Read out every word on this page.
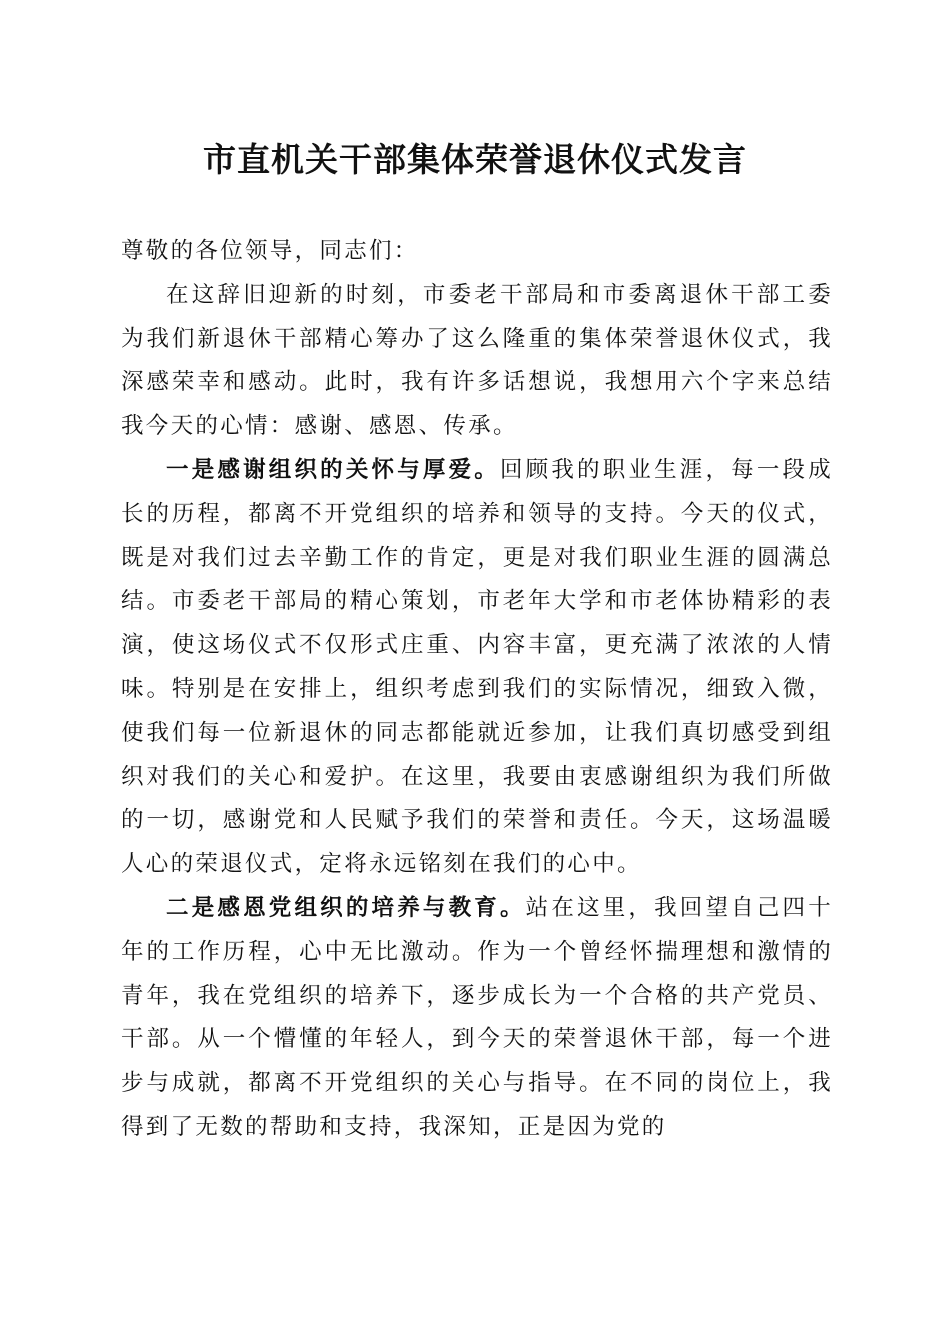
市直机关干部集体荣誉退休仪式发言

尊敬的各位领导，同志们：

在这辞旧迎新的时刻，市委老干部局和市委离退休干部工委为我们新退休干部精心筹办了这么隆重的集体荣誉退休仪式，我深感荣幸和感动。此时，我有许多话想说，我想用六个字来总结我今天的心情：感谢、感恩、传承。

一是感谢组织的关怀与厚爱。回顾我的职业生涯，每一段成长的历程，都离不开党组织的培养和领导的支持。今天的仪式，既是对我们过去辛勤工作的肯定，更是对我们职业生涯的圆满总结。市委老干部局的精心策划，市老年大学和市老体协精彩的表演，使这场仪式不仅形式庄重、内容丰富，更充满了浓浓的人情味。特别是在安排上，组织考虑到我们的实际情况，细致入微，使我们每一位新退休的同志都能就近参加，让我们真切感受到组织对我们的关心和爱护。在这里，我要由衷感谢组织为我们所做的一切，感谢党和人民赋予我们的荣誉和责任。今天，这场温暖人心的荣退仪式，定将永远铭刻在我们的心中。

二是感恩党组织的培养与教育。站在这里，我回望自己四十年的工作历程，心中无比激动。作为一个曾经怀揣理想和激情的青年，我在党组织的培养下，逐步成长为一个合格的共产党员、干部。从一个懵懂的年轻人，到今天的荣誉退休干部，每一个进步与成就，都离不开党组织的关心与指导。在不同的岗位上，我得到了无数的帮助和支持，我深知，正是因为党的
